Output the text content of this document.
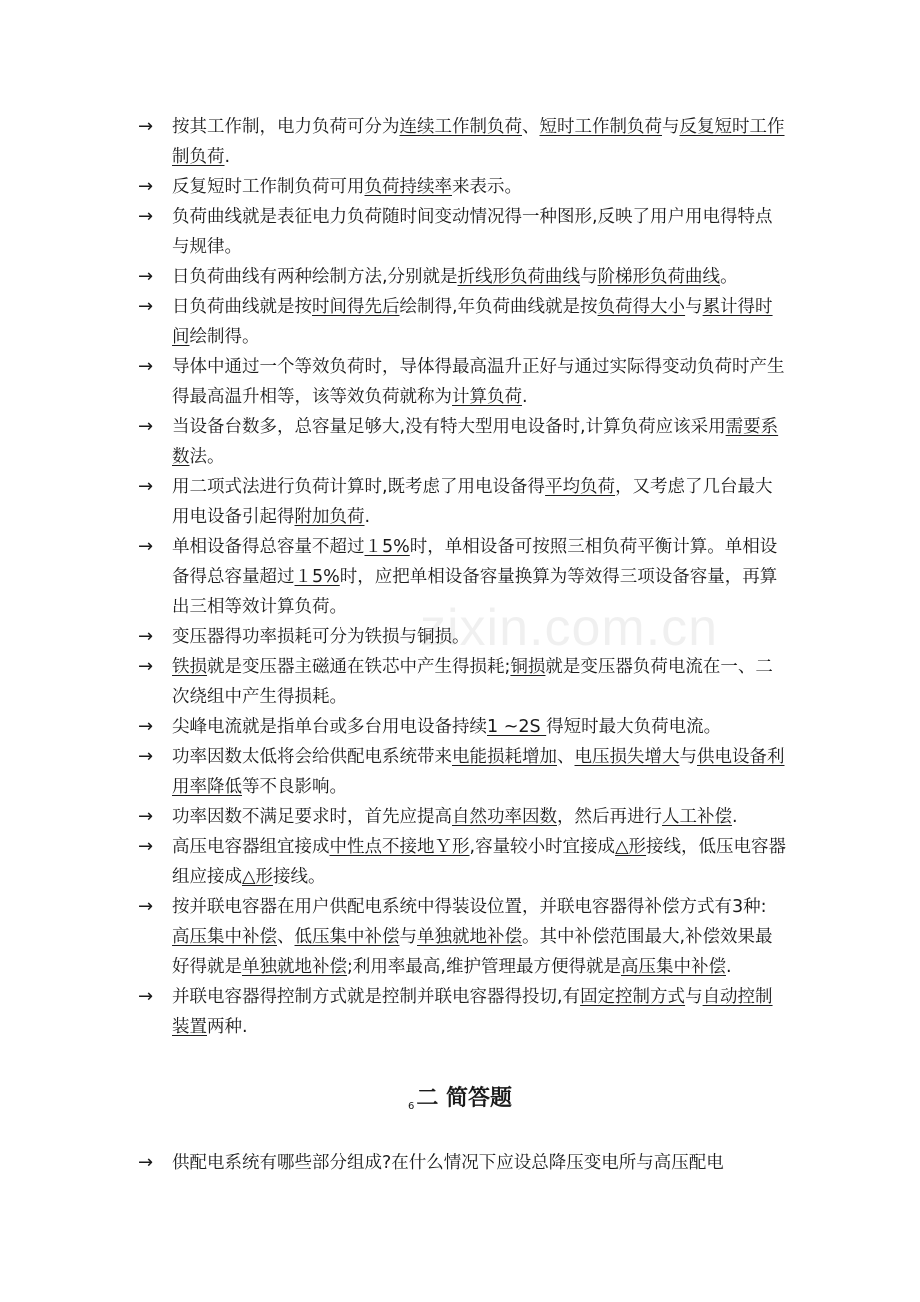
zixin.com.cn
→ 按其工作制，电力负荷可分为连续工作制负荷、短时工作制负荷与反复短时工作制负荷.
→ 反复短时工作制负荷可用负荷持续率来表示。
→ 负荷曲线就是表征电力负荷随时间变动情况得一种图形,反映了用户用电得特点与规律。
→ 日负荷曲线有两种绘制方法,分别就是折线形负荷曲线与阶梯形负荷曲线。
→ 日负荷曲线就是按时间得先后绘制得,年负荷曲线就是按负荷得大小与累计得时间绘制得。
→ 导体中通过一个等效负荷时，导体得最高温升正好与通过实际得变动负荷时产生得最高温升相等，该等效负荷就称为计算负荷.
→ 当设备台数多，总容量足够大,没有特大型用电设备时,计算负荷应该采用需要系数法。
→ 用二项式法进行负荷计算时,既考虑了用电设备得平均负荷，又考虑了几台最大用电设备引起得附加负荷.
→ 单相设备得总容量不超过１5%时，单相设备可按照三相负荷平衡计算。单相设备得总容量超过１5%时，应把单相设备容量换算为等效得三项设备容量，再算出三相等效计算负荷。
→ 变压器得功率损耗可分为铁损与铜损。
→ 铁损就是变压器主磁通在铁芯中产生得损耗;铜损就是变压器负荷电流在一、二次绕组中产生得损耗。
→ 尖峰电流就是指单台或多台用电设备持续1 ~2S 得短时最大负荷电流。
→ 功率因数太低将会给供配电系统带来电能损耗增加、电压损失增大与供电设备利用率降低等不良影响。
→ 功率因数不满足要求时，首先应提高自然功率因数，然后再进行人工补偿.
→ 高压电容器组宜接成中性点不接地Ｙ形,容量较小时宜接成△形接线，低压电容器组应接成△形接线。
→ 按并联电容器在用户供配电系统中得装设位置，并联电容器得补偿方式有3种: 高压集中补偿、低压集中补偿与单独就地补偿。其中补偿范围最大,补偿效果最好得就是单独就地补偿;利用率最高,维护管理最方便得就是高压集中补偿.
→ 并联电容器得控制方式就是控制并联电容器得投切,有固定控制方式与自动控制装置两种.
6二 简答题
→ 供配电系统有哪些部分组成?在什么情况下应设总降压变电所与高压配电
